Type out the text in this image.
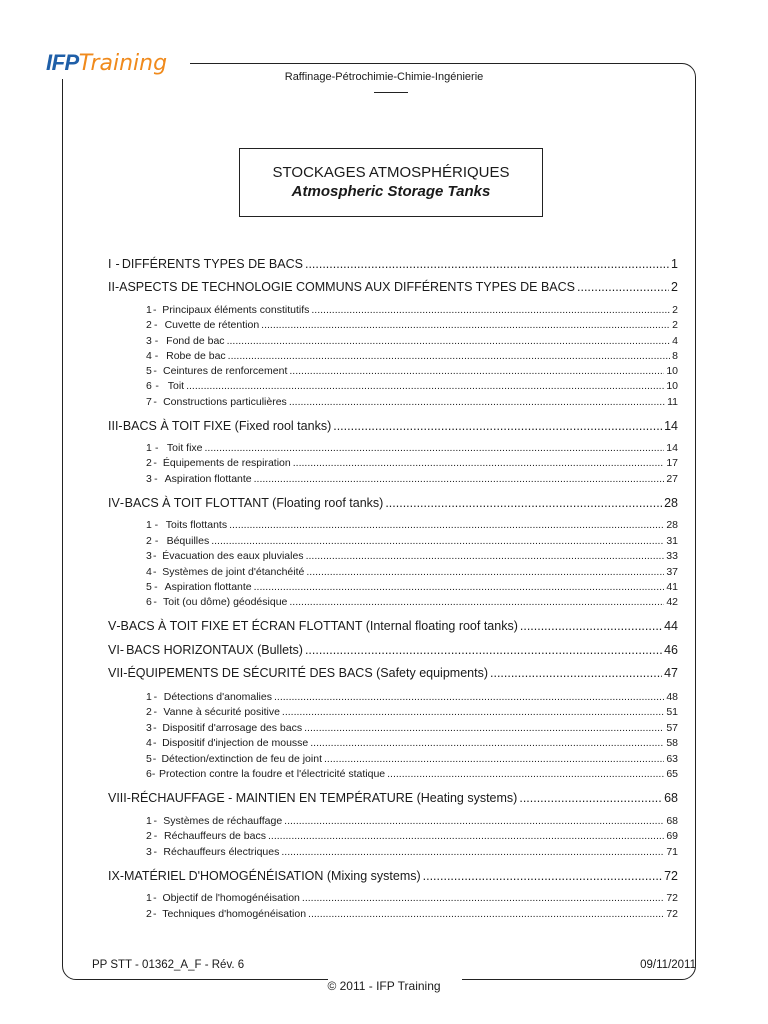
IFPTraining
Raffinage-Pétrochimie-Chimie-Ingénierie
STOCKAGES ATMOSPHÉRIQUES
Atmospheric Storage Tanks
I - DIFFÉRENTS TYPES DE BACS .....	1
II - ASPECTS DE TECHNOLOGIE COMMUNS AUX DIFFÉRENTS TYPES DE BACS .....	2
1 - Principaux éléments constitutifs .....	2
2 - Cuvette de rétention .....	2
3 - Fond de bac .....	4
4 - Robe de bac .....	8
5 - Ceintures de renforcement .....	10
6 - Toit .....	10
7 - Constructions particulières .....	11
III - BACS À TOIT FIXE (Fixed rool tanks) .....	14
1 - Toit fixe .....	14
2 - Équipements de respiration .....	17
3 - Aspiration flottante .....	27
IV - BACS À TOIT FLOTTANT (Floating roof tanks) .....	28
1 - Toits flottants .....	28
2 - Béquilles .....	31
3 - Évacuation des eaux pluviales .....	33
4 - Systèmes de joint d'étanchéité .....	37
5 - Aspiration flottante .....	41
6 - Toit (ou dôme) géodésique .....	42
V - BACS À TOIT FIXE ET ÉCRAN FLOTTANT (Internal floating roof tanks) .....	44
VI - BACS HORIZONTAUX (Bullets) .....	46
VII - ÉQUIPEMENTS DE SÉCURITÉ DES BACS (Safety equipments) .....	47
1 - Détections d'anomalies .....	48
2 - Vanne à sécurité positive .....	51
3 - Dispositif d'arrosage des bacs .....	57
4 - Dispositif d'injection de mousse .....	58
5 - Détection/extinction de feu de joint .....	63
6 - Protection contre la foudre et l'électricité statique .....	65
VIII - RÉCHAUFFAGE - MAINTIEN EN TEMPÉRATURE (Heating systems) .....	68
1 - Systèmes de réchauffage .....	68
2 - Réchauffeurs de bacs .....	69
3 - Réchauffeurs électriques .....	71
IX - MATÉRIEL D'HOMOGÉNÉISATION (Mixing systems) .....	72
1 - Objectif de l'homogénéisation .....	72
2 - Techniques d'homogénéisation .....	72
PP STT - 01362_A_F - Rév. 6	09/11/2011
© 2011 - IFP Training
